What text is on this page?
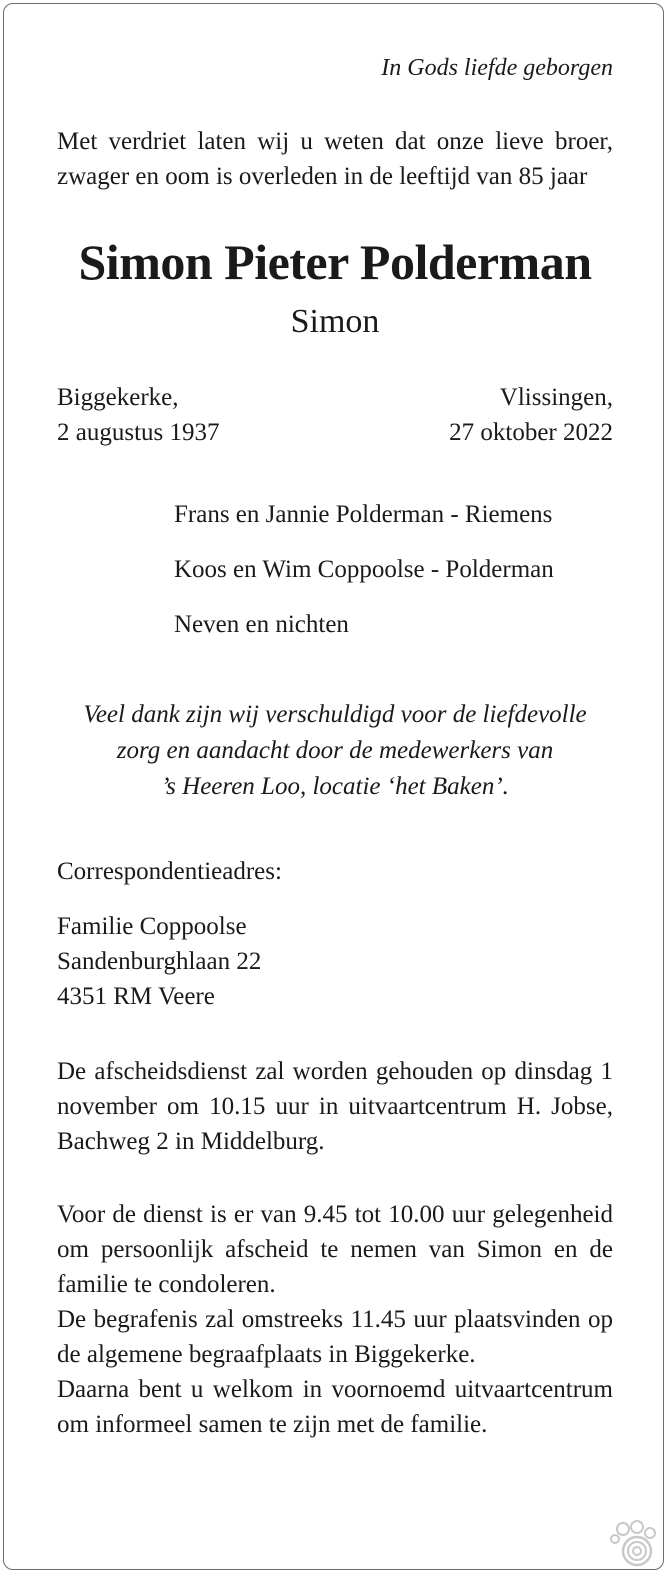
In Gods liefde geborgen

Met verdriet laten wij u weten dat onze lieve broer, zwager en oom is overleden in de leeftijd van 85 jaar

Simon Pieter Polderman
Simon
Biggekerke,
2 augustus 1937
Vlissingen,
27 oktober 2022
Frans en Jannie Polderman - Riemens
Koos en Wim Coppoolse - Polderman
Neven en nichten
Veel dank zijn wij verschuldigd voor de liefdevolle
zorg en aandacht door de medewerkers van
’s Heeren Loo, locatie ‘het Baken’.
Correspondentieadres:
Familie Coppoolse
Sandenburghlaan 22
4351 RM Veere

De afscheidsdienst zal worden gehouden op dinsdag 1 november om 10.15 uur in uitvaartcentrum H. Jobse, Bachweg 2 in Middelburg.

Voor de dienst is er van 9.45 tot 10.00 uur gelegenheid om persoonlijk afscheid te nemen van Simon en de familie te condoleren.

De begrafenis zal omstreeks 11.45 uur plaatsvinden op de algemene begraafplaats in Biggekerke.

Daarna bent u welkom in voornoemd uitvaartcentrum om informeel samen te zijn met de familie.
